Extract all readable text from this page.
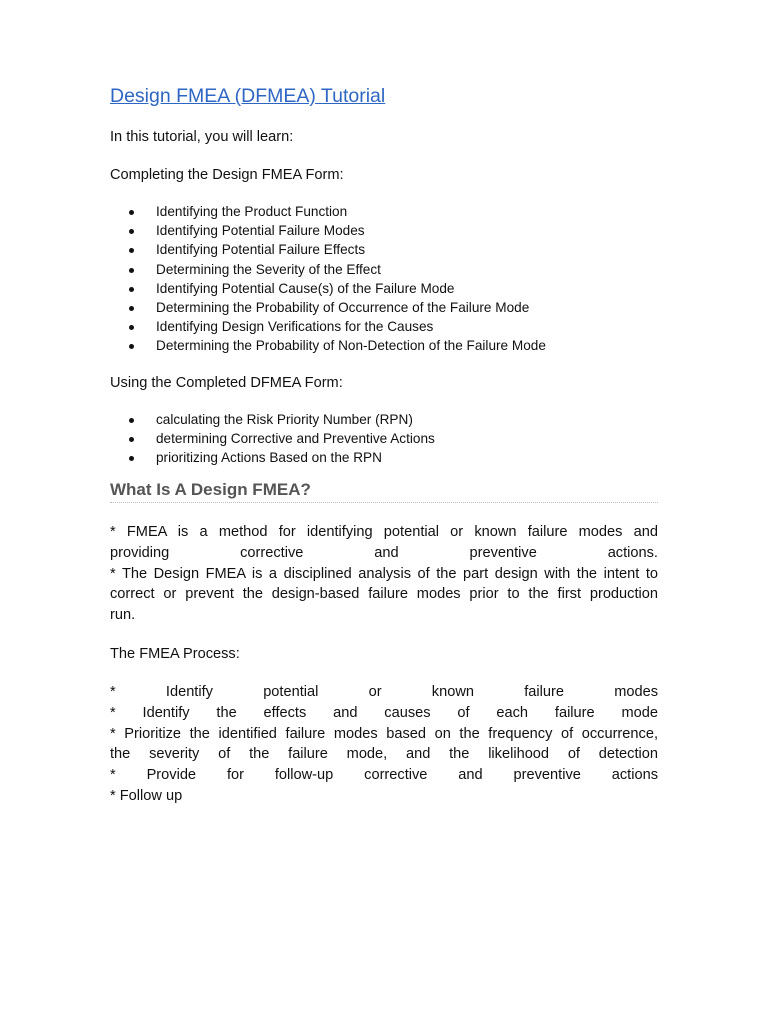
Design FMEA (DFMEA) Tutorial

In this tutorial, you will learn:

Completing the Design FMEA Form:

Identifying the Product Function
Identifying Potential Failure Modes
Identifying Potential Failure Effects
Determining the Severity of the Effect
Identifying Potential Cause(s) of the Failure Mode
Determining the Probability of Occurrence of the Failure Mode
Identifying Design Verifications for the Causes
Determining the Probability of Non-Detection of the Failure Mode

Using the Completed DFMEA Form:

calculating the Risk Priority Number (RPN)
determining Corrective and Preventive Actions
prioritizing Actions Based on the RPN
What Is A Design FMEA?
* FMEA is a method for identifying potential or known failure modes and
providing corrective and preventive actions.
* The Design FMEA is a disciplined analysis of the part design with the intent to
correct or prevent the design-based failure modes prior to the first production
run.

The FMEA Process:

* Identify potential or known failure modes
* Identify the effects and causes of each failure mode
* Prioritize the identified failure modes based on the frequency of occurrence,
the severity of the failure mode, and the likelihood of detection
* Provide for follow-up corrective and preventive actions
* Follow up
